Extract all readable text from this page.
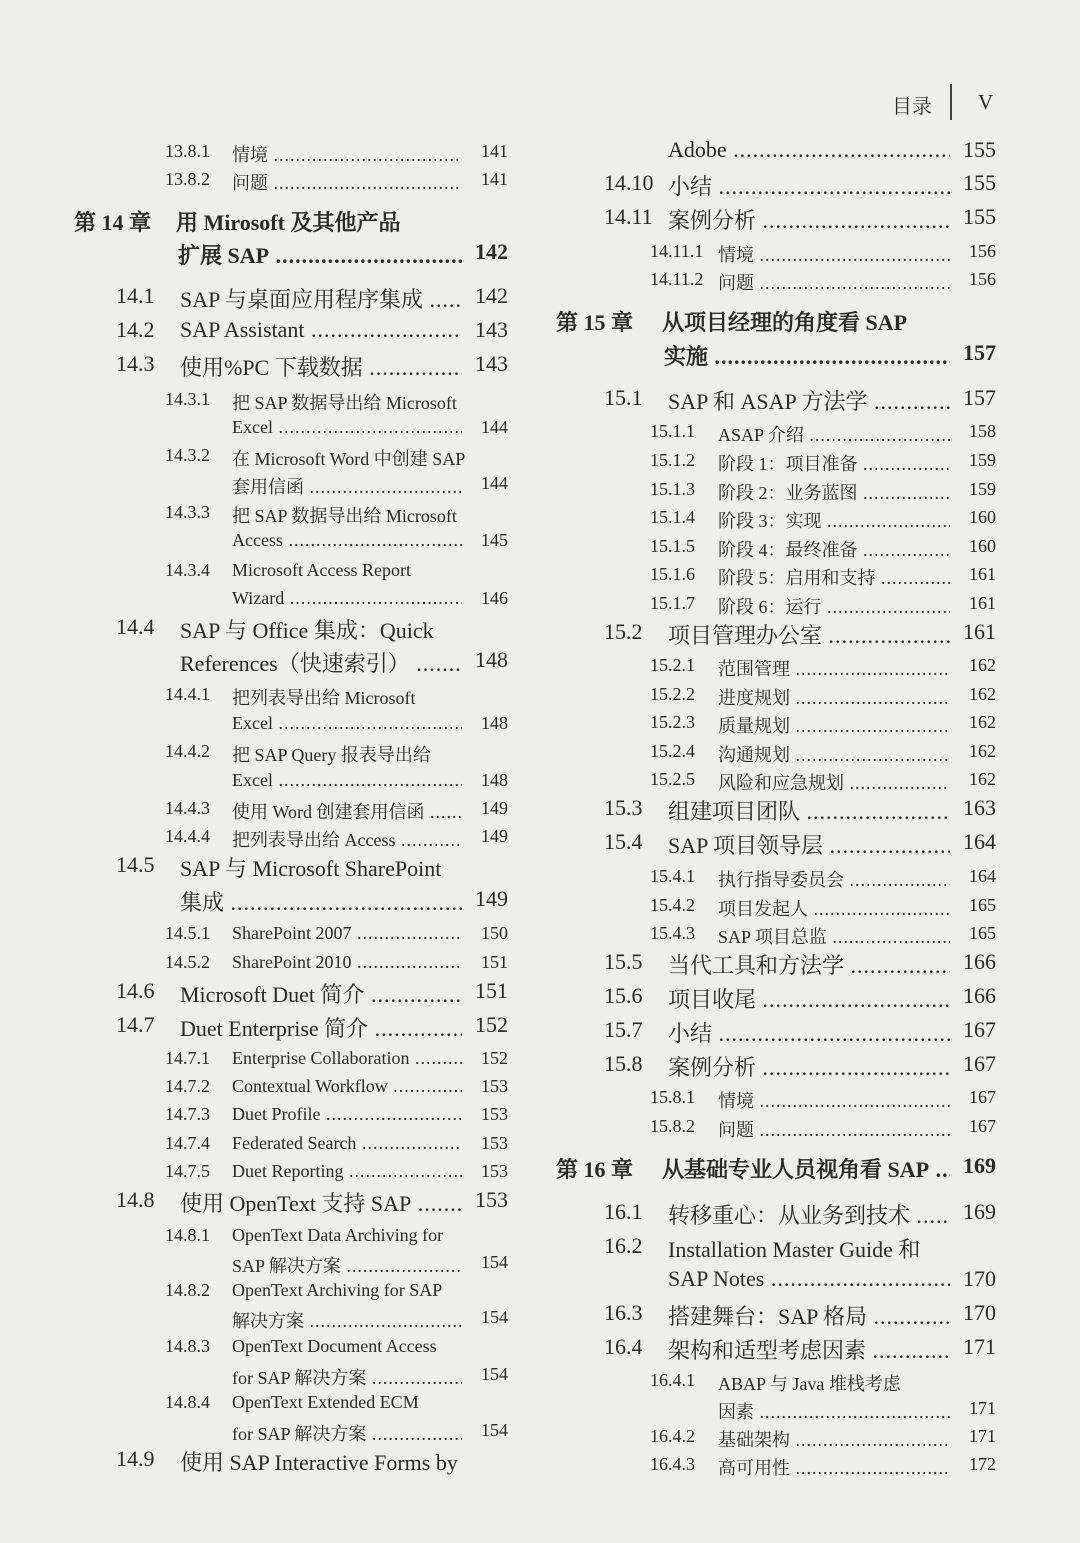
目录 V
13.8.1 情境 .....	141
13.8.2 问题 .....	141
第 14 章 用 Mirosoft 及其他产品
扩展 SAP .....	142
14.1 SAP 与桌面应用程序集成 .....	142
14.2 SAP Assistant .....	143
14.3 使用%PC 下载数据 .....	143
14.3.1 把 SAP 数据导出给 Microsoft
Excel .....	144
14.3.2 在 Microsoft Word 中创建 SAP
套用信函 .....	144
14.3.3 把 SAP 数据导出给 Microsoft
Access .....	145
14.3.4 Microsoft Access Report
Wizard .....	146
14.4 SAP 与 Office 集成：Quick
References（快速索引） .....	148
14.4.1 把列表导出给 Microsoft
Excel .....	148
14.4.2 把 SAP Query 报表导出给
Excel .....	148
14.4.3 使用 Word 创建套用信函 .....	149
14.4.4 把列表导出给 Access .....	149
14.5 SAP 与 Microsoft SharePoint
集成 .....	149
14.5.1 SharePoint 2007 .....	150
14.5.2 SharePoint 2010 .....	151
14.6 Microsoft Duet 简介 .....	151
14.7 Duet Enterprise 简介 .....	152
14.7.1 Enterprise Collaboration .....	152
14.7.2 Contextual Workflow .....	153
14.7.3 Duet Profile .....	153
14.7.4 Federated Search .....	153
14.7.5 Duet Reporting .....	153
14.8 使用 OpenText 支持 SAP .....	153
14.8.1 OpenText Data Archiving for
SAP 解决方案 .....	154
14.8.2 OpenText Archiving for SAP
解决方案 .....	154
14.8.3 OpenText Document Access
for SAP 解决方案 .....	154
14.8.4 OpenText Extended ECM
for SAP 解决方案 .....	154
14.9 使用 SAP Interactive Forms by
Adobe .....	155
14.10 小结 .....	155
14.11 案例分析 .....	155
14.11.1 情境 .....	156
14.11.2 问题 .....	156
第 15 章 从项目经理的角度看 SAP
实施 .....	157
15.1 SAP 和 ASAP 方法学 .....	157
15.1.1 ASAP 介绍 .....	158
15.1.2 阶段 1：项目准备 .....	159
15.1.3 阶段 2：业务蓝图 .....	159
15.1.4 阶段 3：实现 .....	160
15.1.5 阶段 4：最终准备 .....	160
15.1.6 阶段 5：启用和支持 .....	161
15.1.7 阶段 6：运行 .....	161
15.2 项目管理办公室 .....	161
15.2.1 范围管理 .....	162
15.2.2 进度规划 .....	162
15.2.3 质量规划 .....	162
15.2.4 沟通规划 .....	162
15.2.5 风险和应急规划 .....	162
15.3 组建项目团队 .....	163
15.4 SAP 项目领导层 .....	164
15.4.1 执行指导委员会 .....	164
15.4.2 项目发起人 .....	165
15.4.3 SAP 项目总监 .....	165
15.5 当代工具和方法学 .....	166
15.6 项目收尾 .....	166
15.7 小结 .....	167
15.8 案例分析 .....	167
15.8.1 情境 .....	167
15.8.2 问题 .....	167
第 16 章 从基础专业人员视角看 SAP .....	169
16.1 转移重心：从业务到技术 .....	169
16.2 Installation Master Guide 和
SAP Notes .....	170
16.3 搭建舞台：SAP 格局 .....	170
16.4 架构和适型考虑因素 .....	171
16.4.1 ABAP 与 Java 堆栈考虑
因素 .....	171
16.4.2 基础架构 .....	171
16.4.3 高可用性 .....	172
